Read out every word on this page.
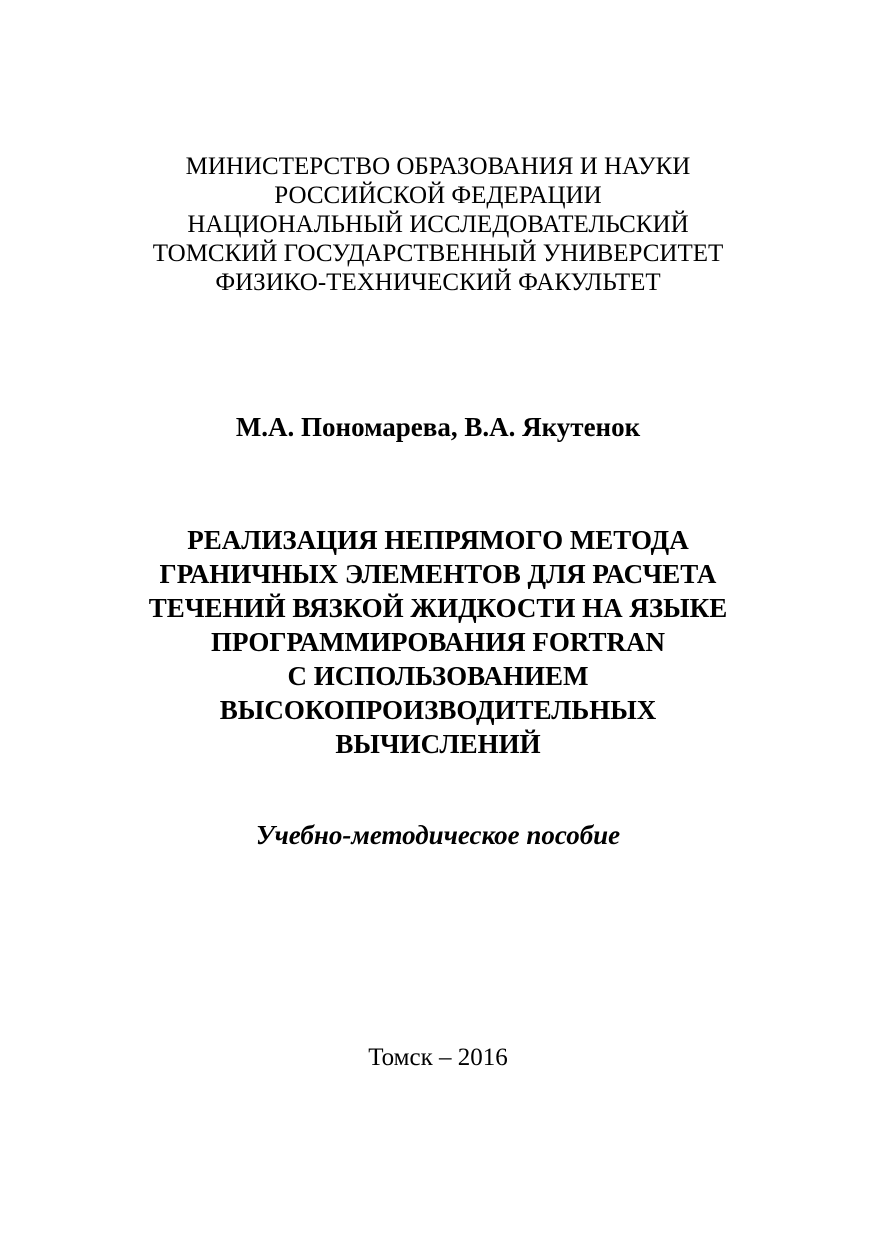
МИНИСТЕРСТВО ОБРАЗОВАНИЯ И НАУКИ
РОССИЙСКОЙ ФЕДЕРАЦИИ
НАЦИОНАЛЬНЫЙ ИССЛЕДОВАТЕЛЬСКИЙ
ТОМСКИЙ ГОСУДАРСТВЕННЫЙ УНИВЕРСИТЕТ
ФИЗИКО-ТЕХНИЧЕСКИЙ ФАКУЛЬТЕТ
М.А. Пономарева, В.А. Якутенок
РЕАЛИЗАЦИЯ НЕПРЯМОГО МЕТОДА
ГРАНИЧНЫХ ЭЛЕМЕНТОВ ДЛЯ РАСЧЕТА
ТЕЧЕНИЙ ВЯЗКОЙ ЖИДКОСТИ НА ЯЗЫКЕ
ПРОГРАММИРОВАНИЯ FORTRAN
С ИСПОЛЬЗОВАНИЕМ
ВЫСОКОПРОИЗВОДИТЕЛЬНЫХ
ВЫЧИСЛЕНИЙ
Учебно-методическое пособие
Томск – 2016
